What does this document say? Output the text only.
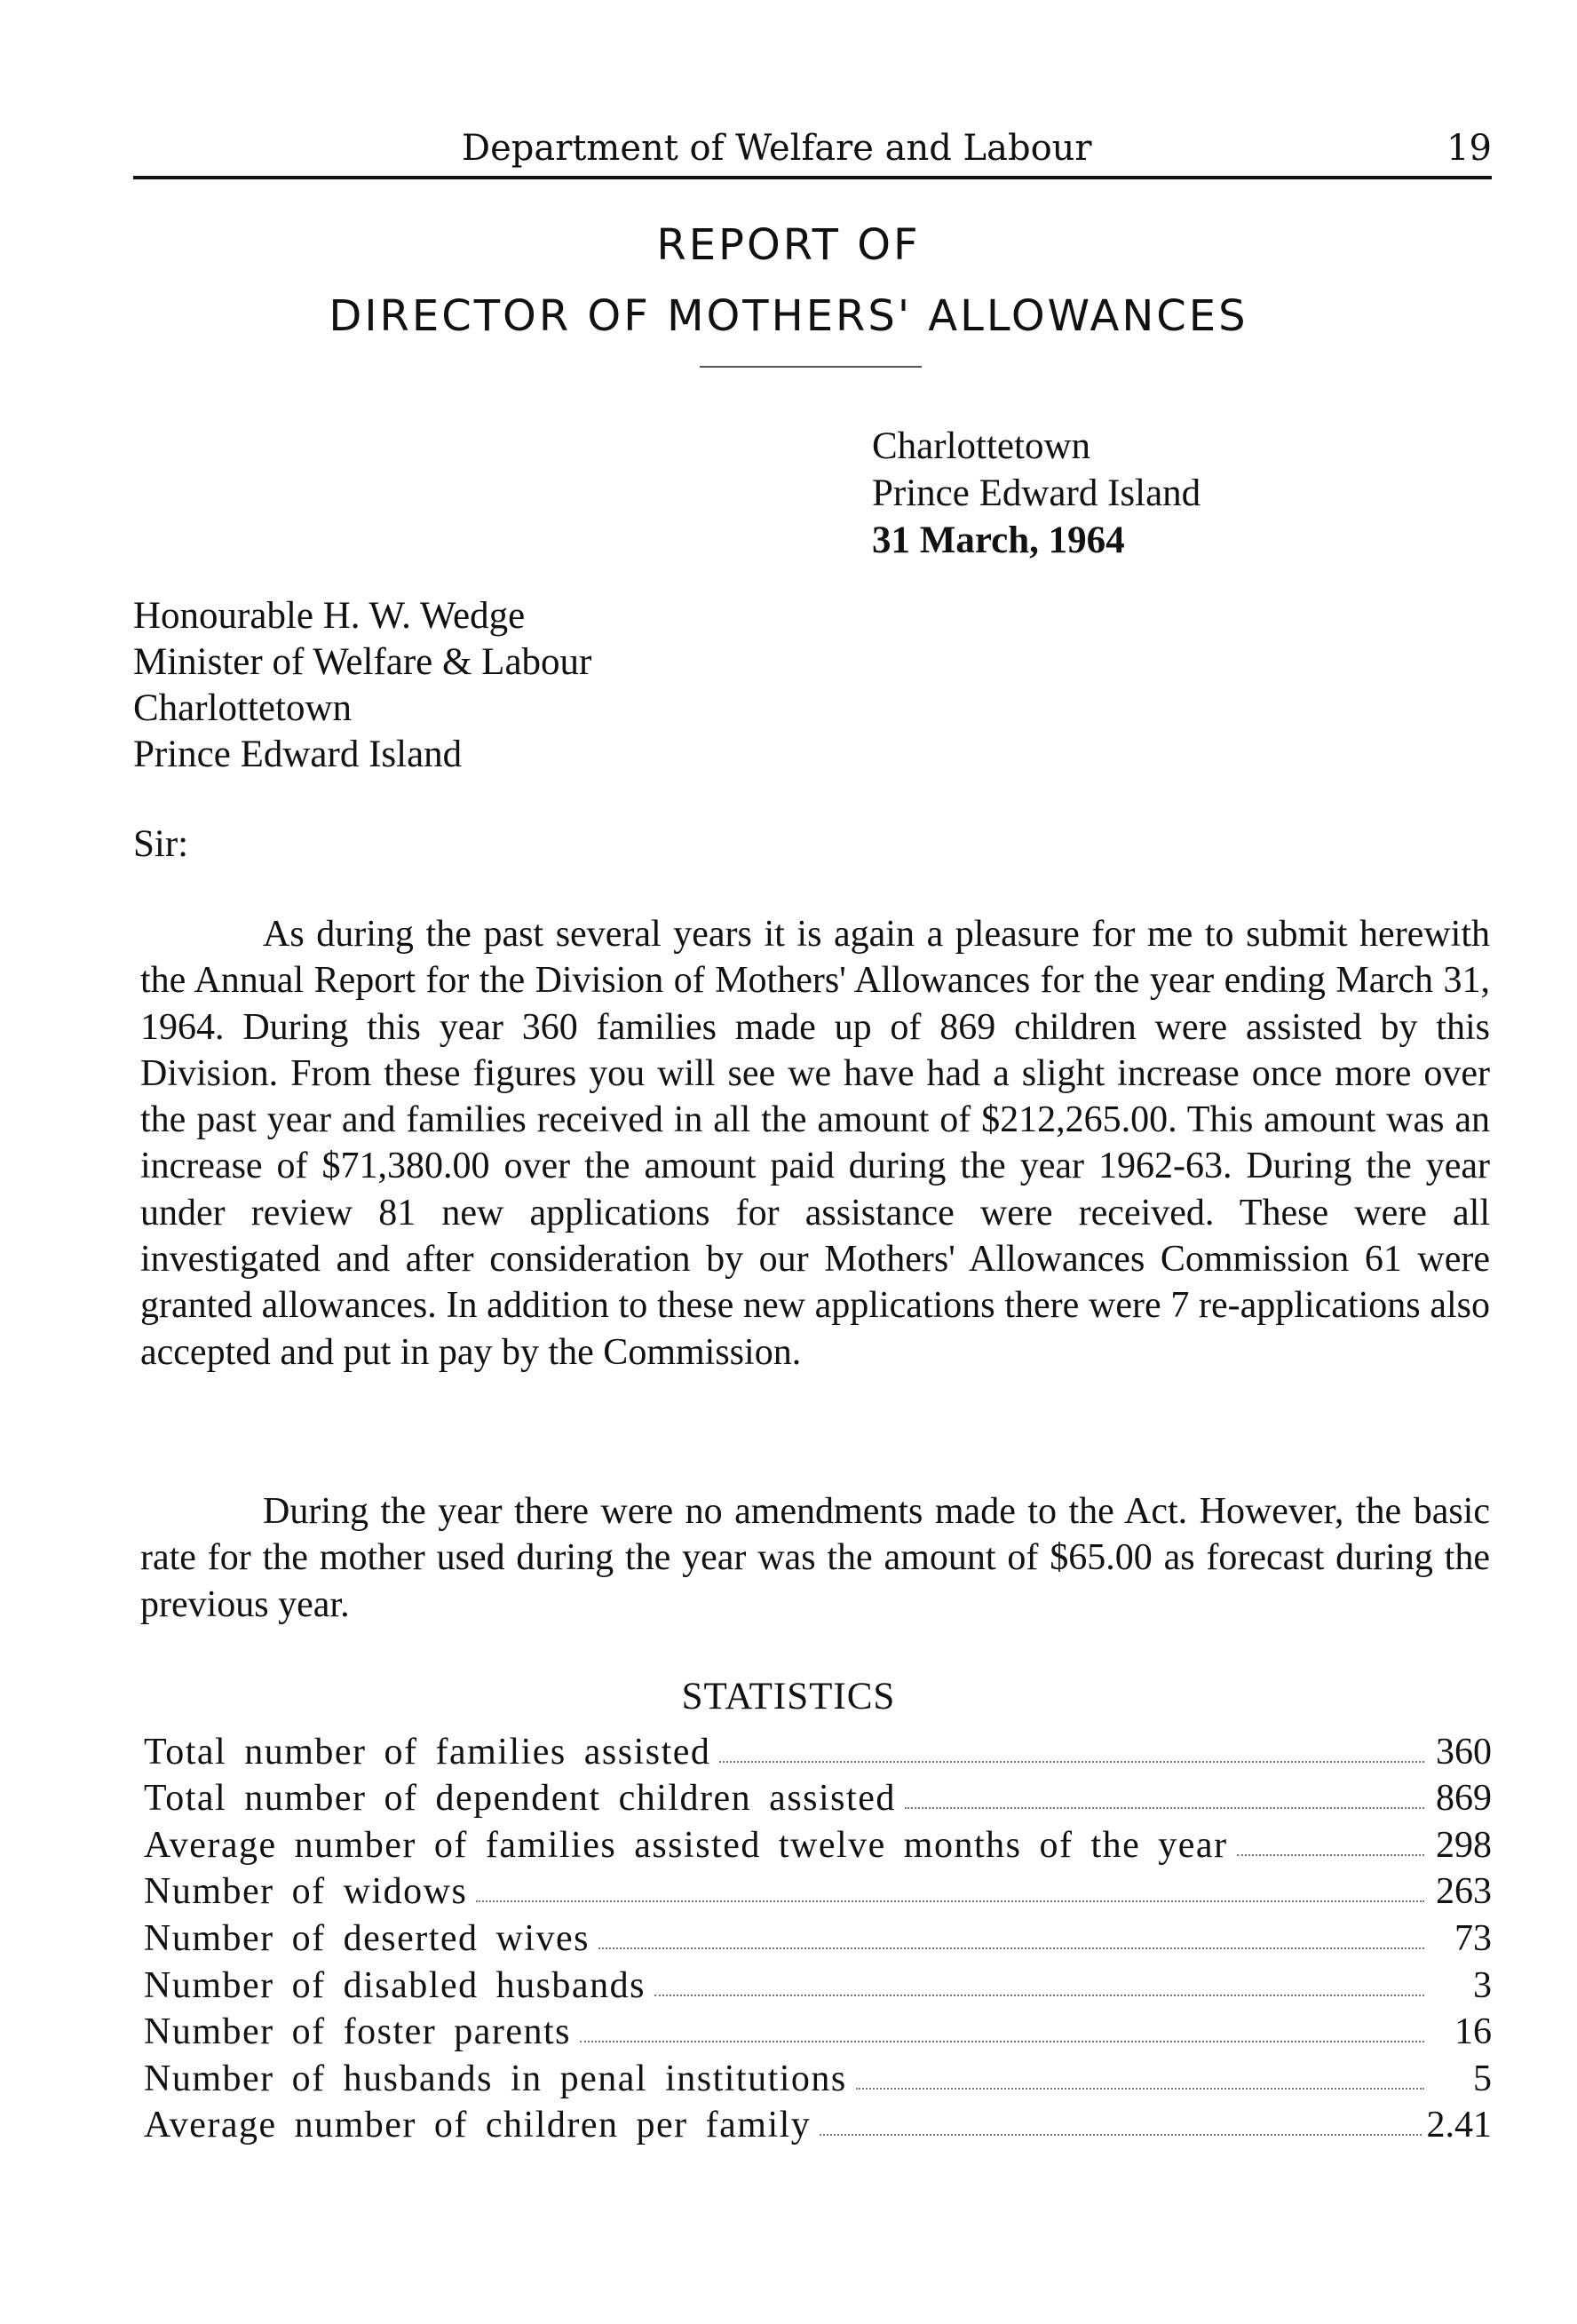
Department of Welfare and Labour	19
REPORT OF
DIRECTOR OF MOTHERS' ALLOWANCES
Charlottetown
Prince Edward Island
31 March, 1964
Honourable H. W. Wedge
Minister of Welfare & Labour
Charlottetown
Prince Edward Island
Sir:

As during the past several years it is again a pleasure for me to submit herewith the Annual Report for the Division of Mothers' Allowances for the year ending March 31, 1964. During this year 360 families made up of 869 children were assisted by this Division. From these figures you will see we have had a slight increase once more over the past year and families received in all the amount of $212,265.00. This amount was an increase of $71,380.00 over the amount paid during the year 1962-63. During the year under review 81 new applications for assistance were received. These were all investigated and after consideration by our Mothers' Allowances Commission 61 were granted allowances. In addition to these new applications there were 7 re-applications also accepted and put in pay by the Commission.

During the year there were no amendments made to the Act. However, the basic rate for the mother used during the year was the amount of $65.00 as forecast during the previous year.

STATISTICS
Total number of families assisted	360
Total number of dependent children assisted	869
Average number of families assisted twelve months of the year	298
Number of widows	263
Number of deserted wives	73
Number of disabled husbands	3
Number of foster parents	16
Number of husbands in penal institutions	5
Average number of children per family	2.41
